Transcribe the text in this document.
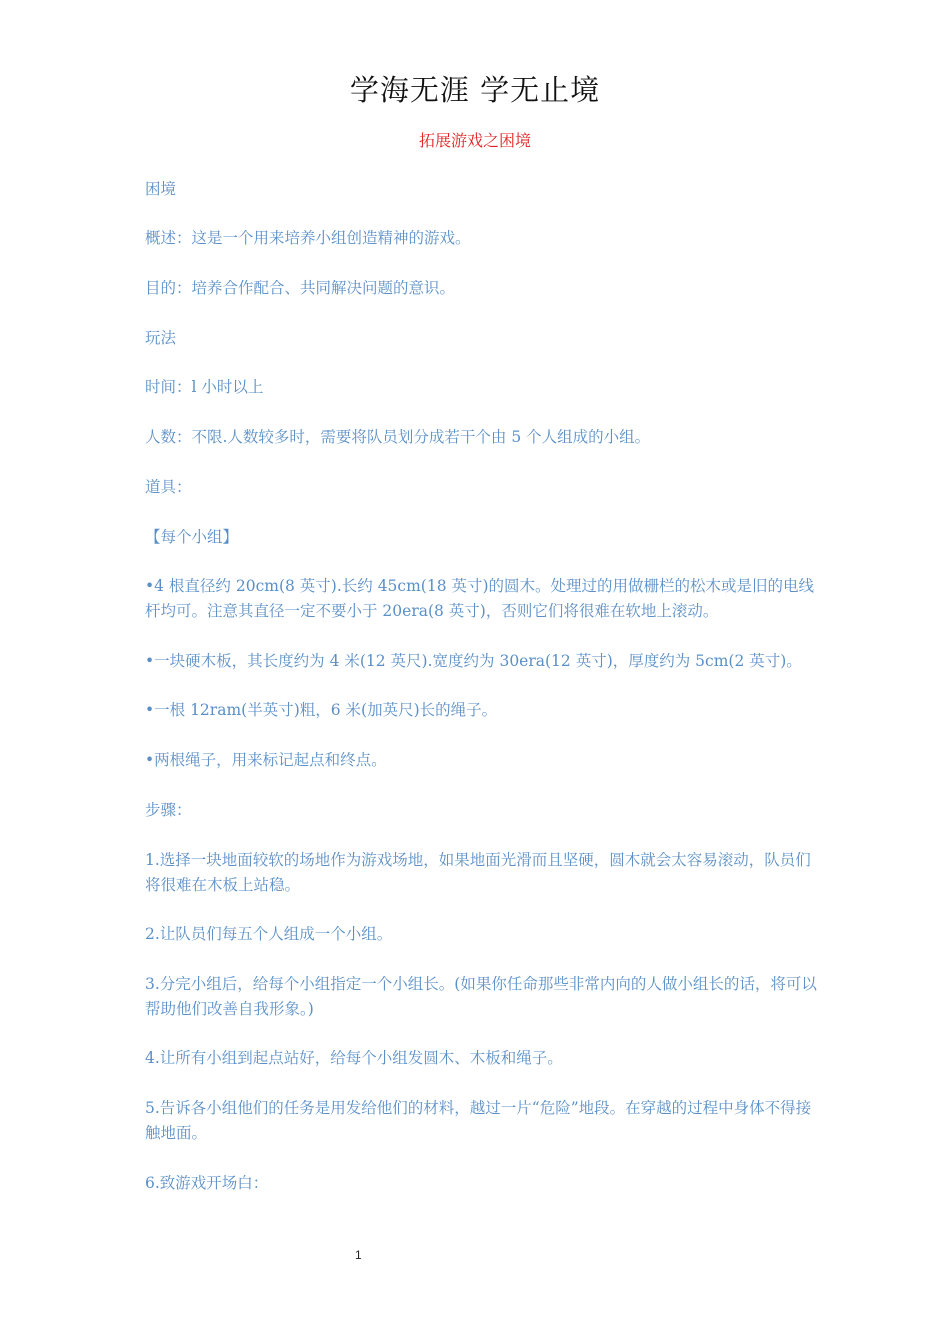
学海无涯 学无止境
拓展游戏之困境

困境

概述：这是一个用来培养小组创造精神的游戏。

目的：培养合作配合、共同解决问题的意识。

玩法

时间：l 小时以上

人数：不限.人数较多时，需要将队员划分成若干个由 5 个人组成的小组。

道具：

【每个小组】

•4 根直径约 20cm(8 英寸).长约 45cm(18 英寸)的圆木。处理过的用做栅栏的松木或是旧的电线杆均可。注意其直径一定不要小于 20era(8 英寸)，否则它们将很难在软地上滚动。

•一块硬木板，其长度约为 4 米(12 英尺).宽度约为 30era(12 英寸)，厚度约为 5cm(2 英寸)。

•一根 12ram(半英寸)粗，6 米(加英尺)长的绳子。

•两根绳子，用来标记起点和终点。

步骤：

1.选择一块地面较软的场地作为游戏场地，如果地面光滑而且坚硬，圆木就会太容易滚动，队员们将很难在木板上站稳。

2.让队员们每五个人组成一个小组。

3.分完小组后，给每个小组指定一个小组长。(如果你任命那些非常内向的人做小组长的话，将可以帮助他们改善自我形象。)

4.让所有小组到起点站好，给每个小组发圆木、木板和绳子。

5.告诉各小组他们的任务是用发给他们的材料，越过一片“危险”地段。在穿越的过程中身体不得接触地面。

6.致游戏开场白：

1
